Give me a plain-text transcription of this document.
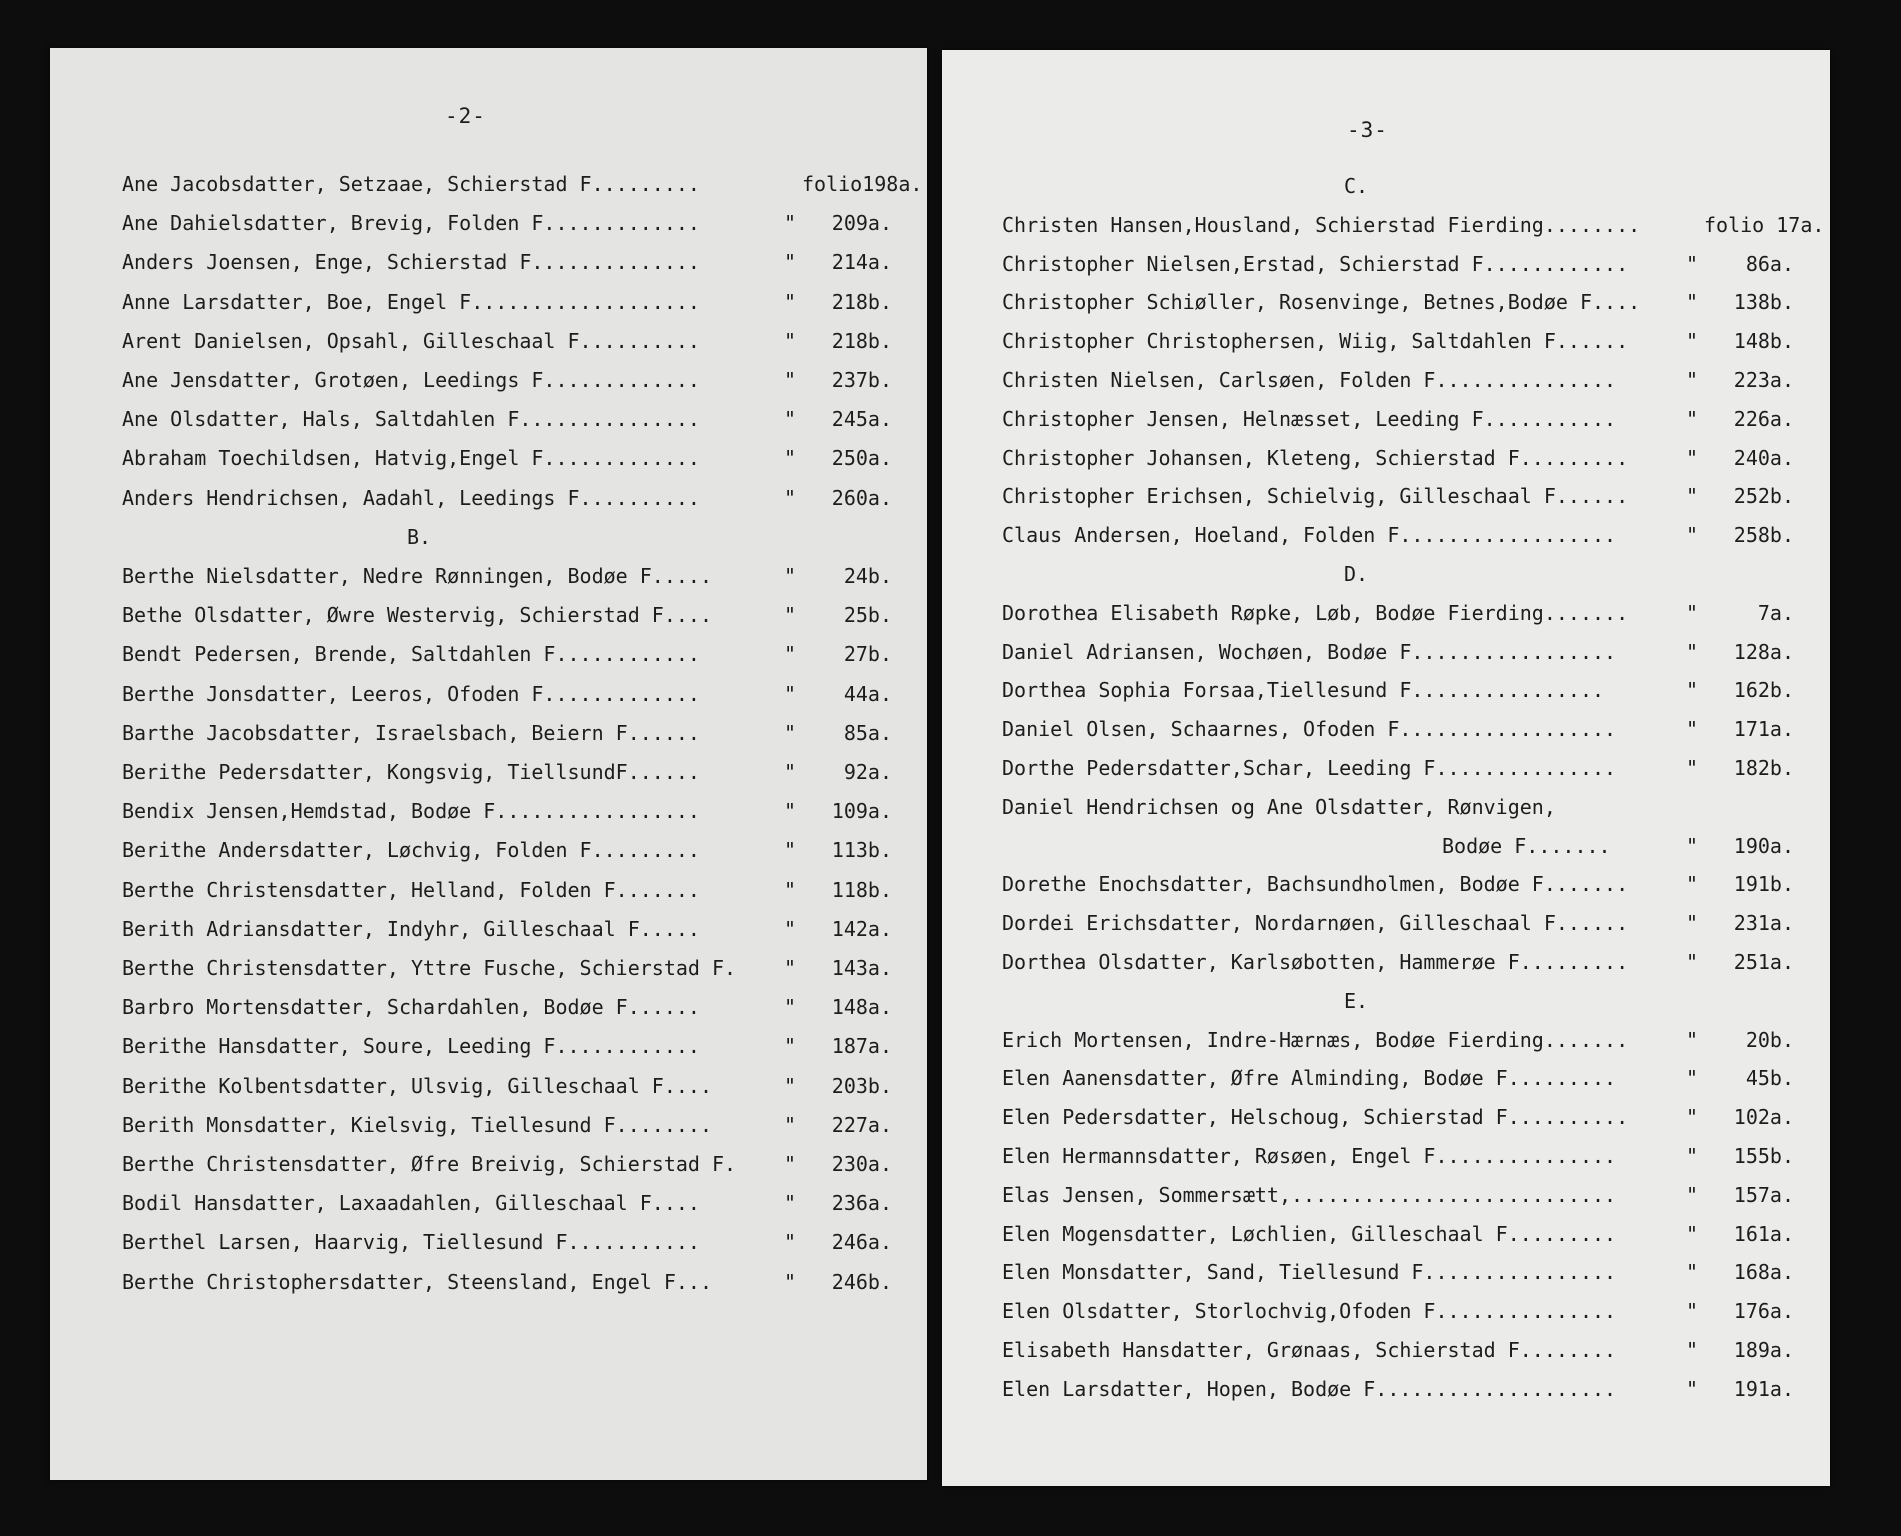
-2-
Ane Jacobsdatter, Setzaae, Schierstad F.........	folio198a.
Ane Dahielsdatter, Brevig, Folden F.............	"	209a.
Anders Joensen, Enge, Schierstad F..............	"	214a.
Anne Larsdatter, Boe, Engel F...................	"	218b.
Arent Danielsen, Opsahl, Gilleschaal F..........	"	218b.
Ane Jensdatter, Grotøen, Leedings F.............	"	237b.
Ane Olsdatter, Hals, Saltdahlen F...............	"	245a.
Abraham Toechildsen, Hatvig,Engel F.............	"	250a.
Anders Hendrichsen, Aadahl, Leedings F..........	"	260a.
B.
Berthe Nielsdatter, Nedre Rønningen, Bodøe F.....	"	24b.
Bethe Olsdatter, Øwre Westervig, Schierstad F....	"	25b.
Bendt Pedersen, Brende, Saltdahlen F............	"	27b.
Berthe Jonsdatter, Leeros, Ofoden F.............	"	44a.
Barthe Jacobsdatter, Israelsbach, Beiern F......	"	85a.
Berithe Pedersdatter, Kongsvig, TiellsundF......	"	92a.
Bendix Jensen,Hemdstad, Bodøe F.................	"	109a.
Berithe Andersdatter, Løchvig, Folden F.........	"	113b.
Berthe Christensdatter, Helland, Folden F.......	"	118b.
Berith Adriansdatter, Indyhr, Gilleschaal F.....	"	142a.
Berthe Christensdatter, Yttre Fusche, Schierstad F.	"	143a.
Barbro Mortensdatter, Schardahlen, Bodøe F......	"	148a.
Berithe Hansdatter, Soure, Leeding F............	"	187a.
Berithe Kolbentsdatter, Ulsvig, Gilleschaal F....	"	203b.
Berith Monsdatter, Kielsvig, Tiellesund F........	"	227a.
Berthe Christensdatter, Øfre Breivig, Schierstad F.	"	230a.
Bodil Hansdatter, Laxaadahlen, Gilleschaal F....	"	236a.
Berthel Larsen, Haarvig, Tiellesund F...........	"	246a.
Berthe Christophersdatter, Steensland, Engel F...	"	246b.
-3-
C.
Christen Hansen,Housland, Schierstad Fierding........	folio 17a.
Christopher Nielsen,Erstad, Schierstad F............	"	86a.
Christopher Schiøller, Rosenvinge, Betnes,Bodøe F....	"	138b.
Christopher Christophersen, Wiig, Saltdahlen F......	"	148b.
Christen Nielsen, Carlsøen, Folden F...............	"	223a.
Christopher Jensen, Helnæsset, Leeding F...........	"	226a.
Christopher Johansen, Kleteng, Schierstad F.........	"	240a.
Christopher Erichsen, Schielvig, Gilleschaal F......	"	252b.
Claus Andersen, Hoeland, Folden F..................	"	258b.
D.
Dorothea Elisabeth Røpke, Løb, Bodøe Fierding.......	"	7a.
Daniel Adriansen, Wochøen, Bodøe F.................	"	128a.
Dorthea Sophia Forsaa,Tiellesund F................	"	162b.
Daniel Olsen, Schaarnes, Ofoden F..................	"	171a.
Dorthe Pedersdatter,Schar, Leeding F...............	"	182b.
Daniel Hendrichsen og Ane Olsdatter, Rønvigen,
Bodøe F.......	"	190a.
Dorethe Enochsdatter, Bachsundholmen, Bodøe F.......	"	191b.
Dordei Erichsdatter, Nordarnøen, Gilleschaal F......	"	231a.
Dorthea Olsdatter, Karlsøbotten, Hammerøe F.........	"	251a.
E.
Erich Mortensen, Indre-Hærnæs, Bodøe Fierding.......	"	20b.
Elen Aanensdatter, Øfre Alminding, Bodøe F.........	"	45b.
Elen Pedersdatter, Helschoug, Schierstad F..........	"	102a.
Elen Hermannsdatter, Røsøen, Engel F...............	"	155b.
Elas Jensen, Sommersætt,...........................	"	157a.
Elen Mogensdatter, Løchlien, Gilleschaal F.........	"	161a.
Elen Monsdatter, Sand, Tiellesund F................	"	168a.
Elen Olsdatter, Storlochvig,Ofoden F...............	"	176a.
Elisabeth Hansdatter, Grønaas, Schierstad F........	"	189a.
Elen Larsdatter, Hopen, Bodøe F....................	"	191a.
